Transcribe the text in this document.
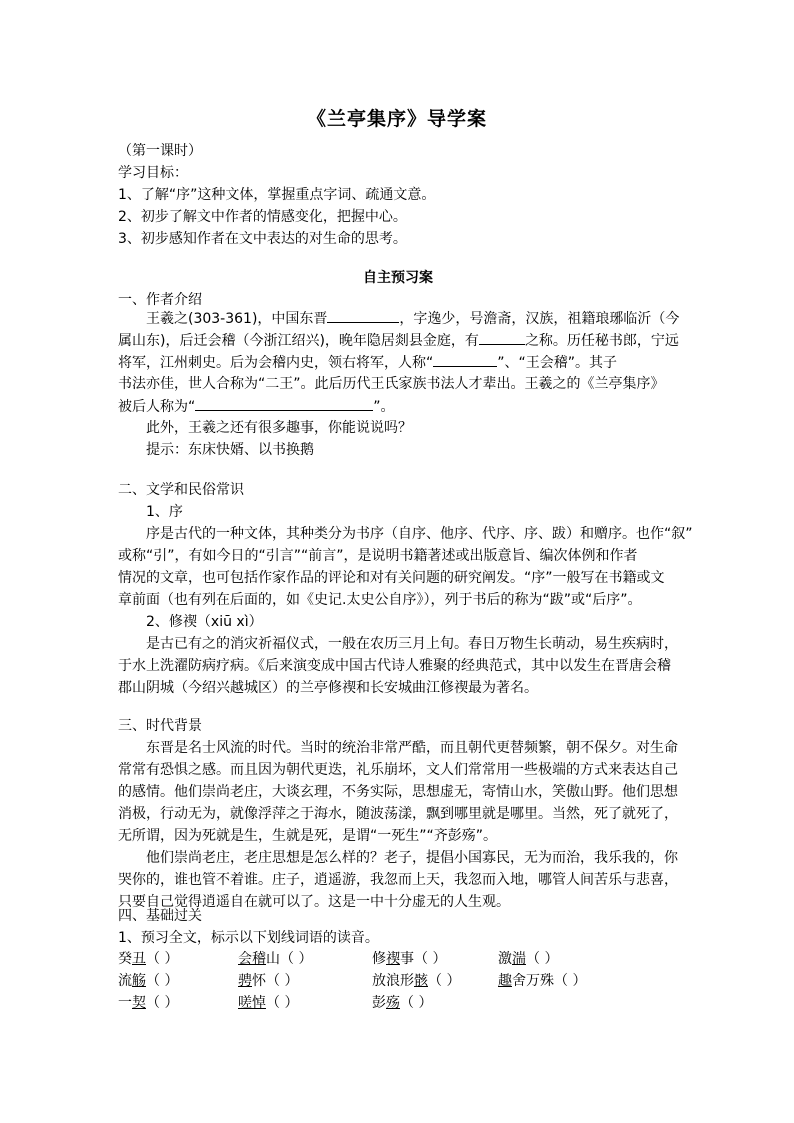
《兰亭集序》导学案
（第一课时）
学习目标：
1、了解“序”这种文体，掌握重点字词、疏通文意。
2、初步了解文中作者的情感变化，把握中心。
3、初步感知作者在文中表达的对生命的思考。
自主预习案
一、作者介绍
王羲之(303-361)，中国东晋	，字逸少，号澹斋，汉族，祖籍琅琊临沂（今
属山东)，后迁会稽（今浙江绍兴)，晚年隐居剡县金庭，有	之称。历任秘书郎，宁远
将军，江州刺史。后为会稽内史，领右将军，人称“	”、“王会稽”。其子
书法亦佳，世人合称为“二王”。此后历代王氏家族书法人才辈出。王羲之的《兰亭集序》
被后人称为“	”。
此外，王羲之还有很多趣事，你能说说吗？
提示：东床快婿、以书换鹅
二、文学和民俗常识
1、序
序是古代的一种文体，其种类分为书序（自序、他序、代序、序、跋）和赠序。也作“叙”
或称“引”，有如今日的“引言”“前言”，是说明书籍著述或出版意旨、编次体例和作者
情况的文章，也可包括作家作品的评论和对有关问题的研究阐发。“序”一般写在书籍或文
章前面（也有列在后面的，如《史记.太史公自序》），列于书后的称为“跋”或“后序”。
2、修禊（xiū xì）
是古已有之的消灾祈福仪式，一般在农历三月上旬。春日万物生长萌动，易生疾病时，
于水上洗濯防病疗病。《后来演变成中国古代诗人雅聚的经典范式，其中以发生在晋唐会稽
郡山阴城（今绍兴越城区）的兰亭修禊和长安城曲江修禊最为著名。
三、时代背景
东晋是名士风流的时代。当时的统治非常严酷，而且朝代更替频繁，朝不保夕。对生命
常常有恐惧之感。而且因为朝代更迭，礼乐崩坏，文人们常常用一些极端的方式来表达自己
的感情。他们崇尚老庄，大谈玄理，不务实际，思想虚无，寄情山水，笑傲山野。他们思想
消极，行动无为，就像浮萍之于海水，随波荡漾，飘到哪里就是哪里。当然，死了就死了，
无所谓，因为死就是生，生就是死，是谓“一死生”“齐彭殇”。
他们崇尚老庄，老庄思想是怎么样的？老子，提倡小国寡民，无为而治，我乐我的，你
哭你的，谁也管不着谁。庄子，逍遥游，我忽而上天，我忽而入地，哪管人间苦乐与悲喜，
只要自己觉得逍遥自在就可以了。这是一中十分虚无的人生观。
四、基础过关
1、预习全文，标示以下划线词语的读音。
癸丑（ ）	会稽山（ ）	修禊事（ ）	激湍（ ）
流觞（ ）	骋怀（ ）	放浪形骸（ ）	趣舍万殊（ ）
一契（ ）	嗟悼（ ）	彭殇（ ）
